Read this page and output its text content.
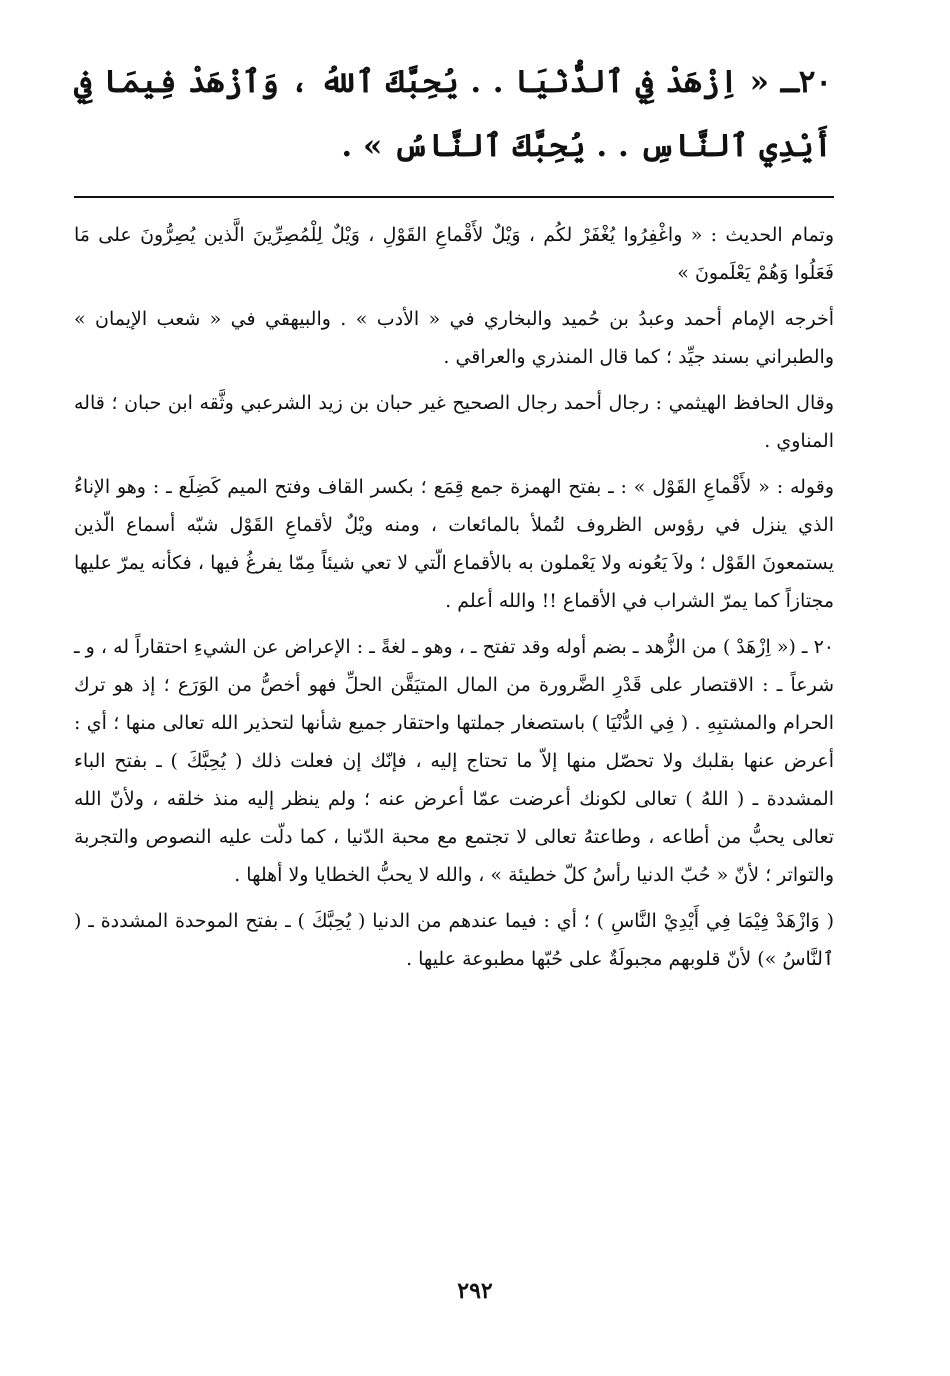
٢٠ـ « اِزْهَدْ فِي ٱلدُّنْيَا . . يُحِبَّكَ ٱللهُ ، وَٱزْهَدْ فِيمَا فِي أَيْدِي ٱلنَّاسِ . . يُحِبَّكَ ٱلنَّاسُ » .

وتمام الحديث : « واغْفِرُوا يُغْفَرْ لكُم ، وَيْلٌ لأَقْماعِ القَوْلِ ، وَيْلٌ لِلْمُصِرِّينَ الَّذين يُصِرُّونَ على مَا فَعَلُوا وَهُمْ يَعْلَمونَ »

أخرجه الإمام أحمد وعبدُ بن حُميد والبخاري في « الأدب » . والبيهقي في « شعب الإيمان » والطبراني بسند جيِّد ؛ كما قال المنذري والعراقي .

وقال الحافظ الهيثمي : رجال أحمد رجال الصحيح غير حبان بن زيد الشرعبي وثَّقه ابن حبان ؛ قاله المناوي .

وقوله : « لأَقْماعِ القَوْل » : ـ بفتح الهمزة جمع قِمَع ؛ بكسر القاف وفتح الميم كَضِلَع ـ : وهو الإناءُ الذي ينزل في رؤوس الظروف لتُملأ بالمائعات ، ومنه ويْلٌ لأقماعِ القَوْل شبّه أسماع الّذين يستمعونَ القَوْل ؛ ولاَ يَعُونه ولا يَعْملون به بالأقماع الّتي لا تعي شيئاً مِمّا يفرغُ فيها ، فكأنه يمرّ عليها مجتازاً كما يمرّ الشراب في الأقماع !! والله أعلم .

٢٠ ـ (« اِزْهَدْ ) من الزُّهد ـ بضم أوله وقد تفتح ـ ، وهو ـ لغةً ـ : الإعراض عن الشيءِ احتقاراً له ، و ـ شرعاً ـ : الاقتصار على قَدْرِ الضَّرورة من المال المتيَقَّن الحلِّ فهو أخصُّ من الوَرَع ؛ إذ هو ترك الحرام والمشتبِهِ . ( فِي الدُّنْيَا ) باستصغار جملتها واحتقار جميع شأنها لتحذير الله تعالى منها ؛ أي : أعرض عنها بقلبك ولا تحصّل منها إلاّ ما تحتاج إليه ، فإنّك إن فعلت ذلك ( يُحِبَّكَ ) ـ بفتح الباء المشددة ـ ( اللهُ ) تعالى لكونك أعرضت عمّا أعرض عنه ؛ ولم ينظر إليه منذ خلقه ، ولأنّ الله تعالى يحبُّ من أطاعه ، وطاعتهُ تعالى لا تجتمع مع محبة الدّنيا ، كما دلّت عليه النصوص والتجربة والتواتر ؛ لأنّ « حُبّ الدنيا رأسُ كلّ خطيئة » ، والله لا يحبُّ الخطايا ولا أهلها .

( وَازْهَدْ فِيْمَا فِي أَيْدِيْ النَّاسِ ) ؛ أي : فيما عندهم من الدنيا ( يُحِبَّكَ ) ـ بفتح الموحدة المشددة ـ ( ٱلنَّاسُ ») لأنّ قلوبهم مجبولَةٌ على حُبّها مطبوعة عليها .

٢٩٢
